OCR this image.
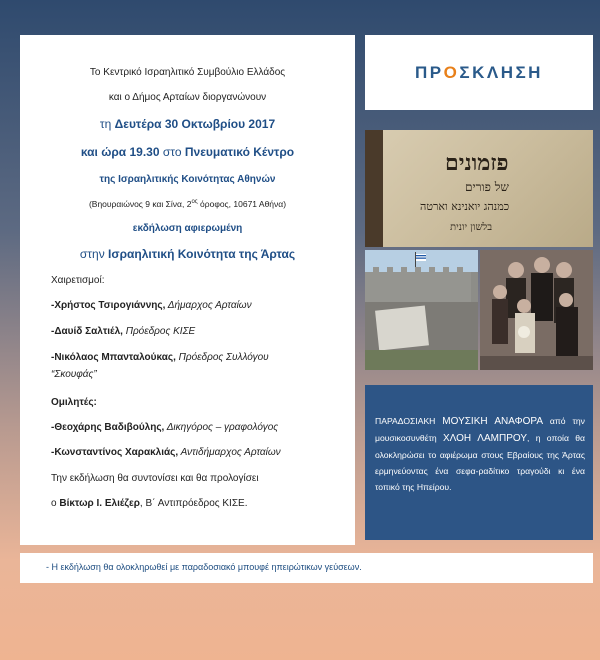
Το Κεντρικό Ισραηλιτικό Συμβούλιο Ελλάδος
και ο Δήμος Αρταίων διοργανώνουν
τη Δευτέρα 30 Οκτωβρίου 2017
και ώρα 19.30 στο Πνευματικό Κέντρο
της Ισραηλιτικής Κοινότητας Αθηνών
(Βηουραιώνος 9 και Σίνα, $2^{o\varsigma}$ όροφος, 10671 Αθήνα)
εκδήλωση αφιερωμένη
στην Ισραηλιτική Κοινότητα της Άρτας
Χαιρετισμοί:
-Χρήστος Τσιρογιάννης, Δήμαρχος Αρταίων
-Δαυίδ Σαλτιέλ, Πρόεδρος ΚΙΣΕ
-Νικόλαος Μπανταλούκας, Πρόεδρος Συλλόγου
“Σκουφάς”
Ομιλητές:
-Θεοχάρης Βαδιβούλης, Δικηγόρος – γραφολόγος
-Κωνσταντίνος Χαρακλιάς, Αντιδήμαρχος Αρταίων
Την εκδήλωση θα συντονίσει και θα προλογίσει
ο Βίκτωρ Ι. Ελιέζερ, Β΄ Αντιπρόεδρος ΚΙΣΕ.
ΠΡΟΣΚΛΗΣΗ
פזמונים
של פורים
כמנהג יואנינא וארטה
בלשון יונית
ΠΑΡΑΔΟΣΙΑΚΗ ΜΟΥΣΙΚΗ ΑΝΑΦΟΡΑ από την μουσικοσυνθέτη ΧΛΟΗ ΛΑΜΠΡΟΥ, η οποία θα ολοκληρώσει το αφιέρωμα στους Εβραίους της Άρτας ερμηνεύοντας ένα σεφα-ραδίτικο τραγούδι κι ένα τοπικό της Ηπείρου.
- Η εκδήλωση θα ολοκληρωθεί με παραδοσιακό μπουφέ ηπειρώτικων γεύσεων.
